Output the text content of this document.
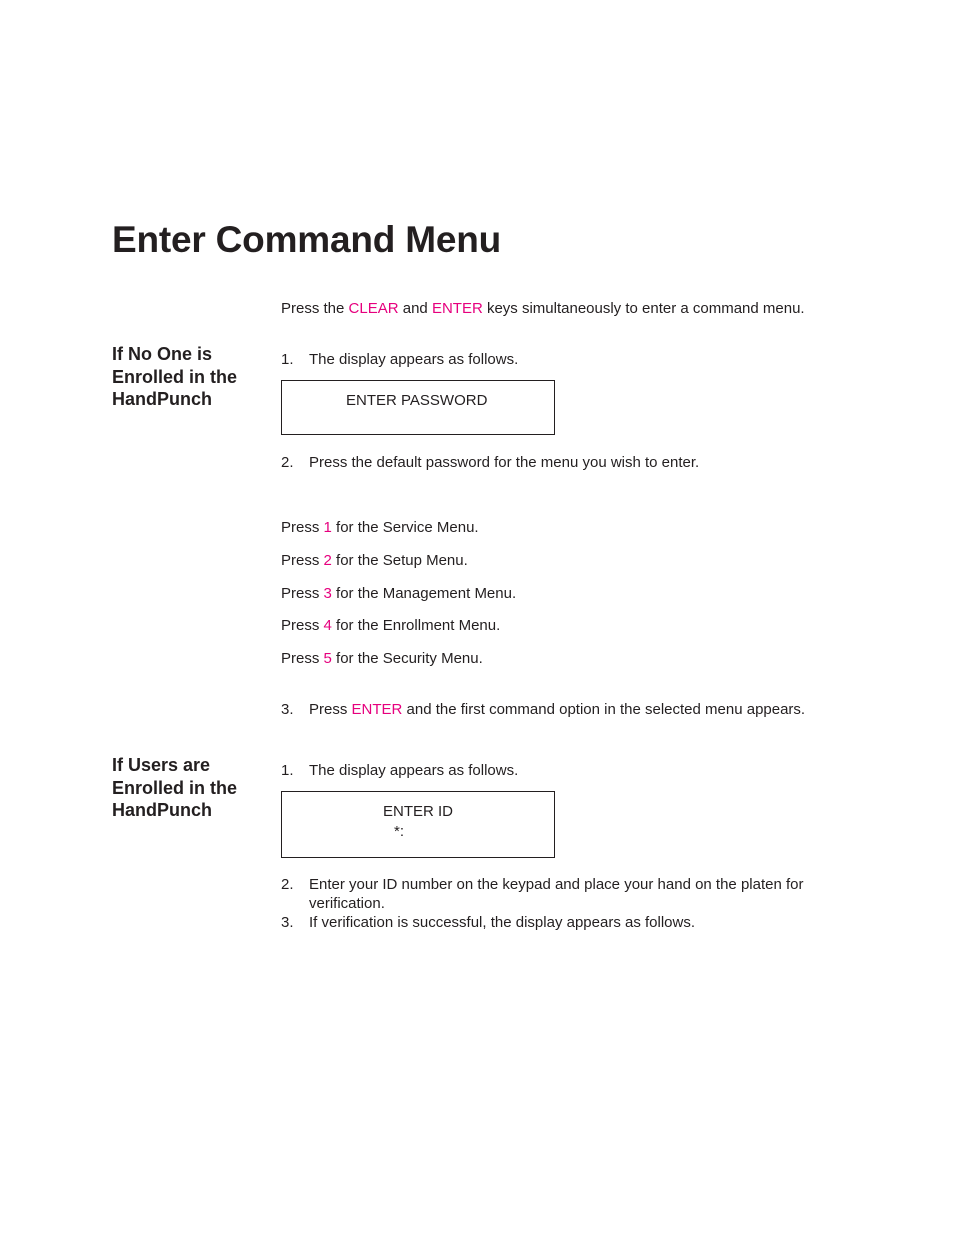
Enter Command Menu
Press the CLEAR and ENTER keys simultaneously to enter a command menu.
If No One is
Enrolled in the
HandPunch
1. The display appears as follows.
ENTER PASSWORD
2. Press the default password for the menu you wish to enter.
Press 1 for the Service Menu.
Press 2 for the Setup Menu.
Press 3 for the Management Menu.
Press 4 for the Enrollment Menu.
Press 5 for the Security Menu.
3. Press ENTER and the first command option in the selected menu appears.
If Users are
Enrolled in the
HandPunch
1. The display appears as follows.
ENTER ID
*:
2. Enter your ID number on the keypad and place your hand on the platen for
verification.
3. If verification is successful, the display appears as follows.
